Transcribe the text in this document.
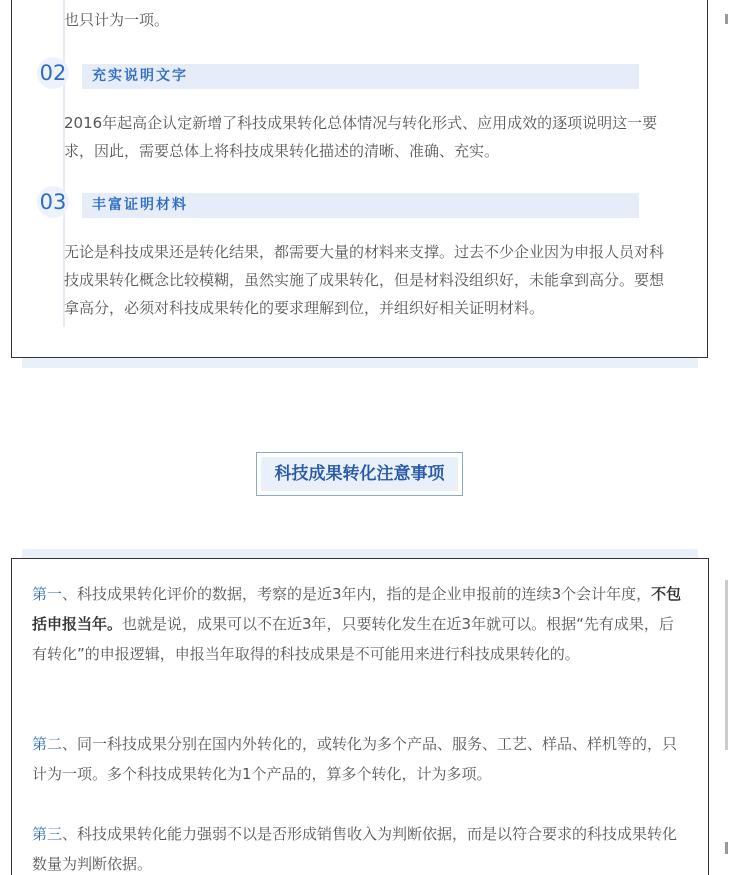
也只计为一项。

02	充实说明文字

2016年起高企认定新增了科技成果转化总体情况与转化形式、应用成效的逐项说明这一要求，因此，需要总体上将科技成果转化描述的清晰、准确、充实。

03	丰富证明材料

无论是科技成果还是转化结果，都需要大量的材料来支撑。过去不少企业因为申报人员对科技成果转化概念比较模糊，虽然实施了成果转化，但是材料没组织好，未能拿到高分。要想拿高分，必须对科技成果转化的要求理解到位，并组织好相关证明材料。

科技成果转化注意事项

第一、科技成果转化评价的数据，考察的是近3年内，指的是企业申报前的连续3个会计年度，不包括申报当年。也就是说，成果可以不在近3年，只要转化发生在近3年就可以。根据“先有成果，后有转化”的申报逻辑，申报当年取得的科技成果是不可能用来进行科技成果转化的。

第二、同一科技成果分别在国内外转化的，或转化为多个产品、服务、工艺、样品、样机等的，只计为一项。多个科技成果转化为1个产品的，算多个转化，计为多项。

第三、科技成果转化能力强弱不以是否形成销售收入为判断依据，而是以符合要求的科技成果转化数量为判断依据。
